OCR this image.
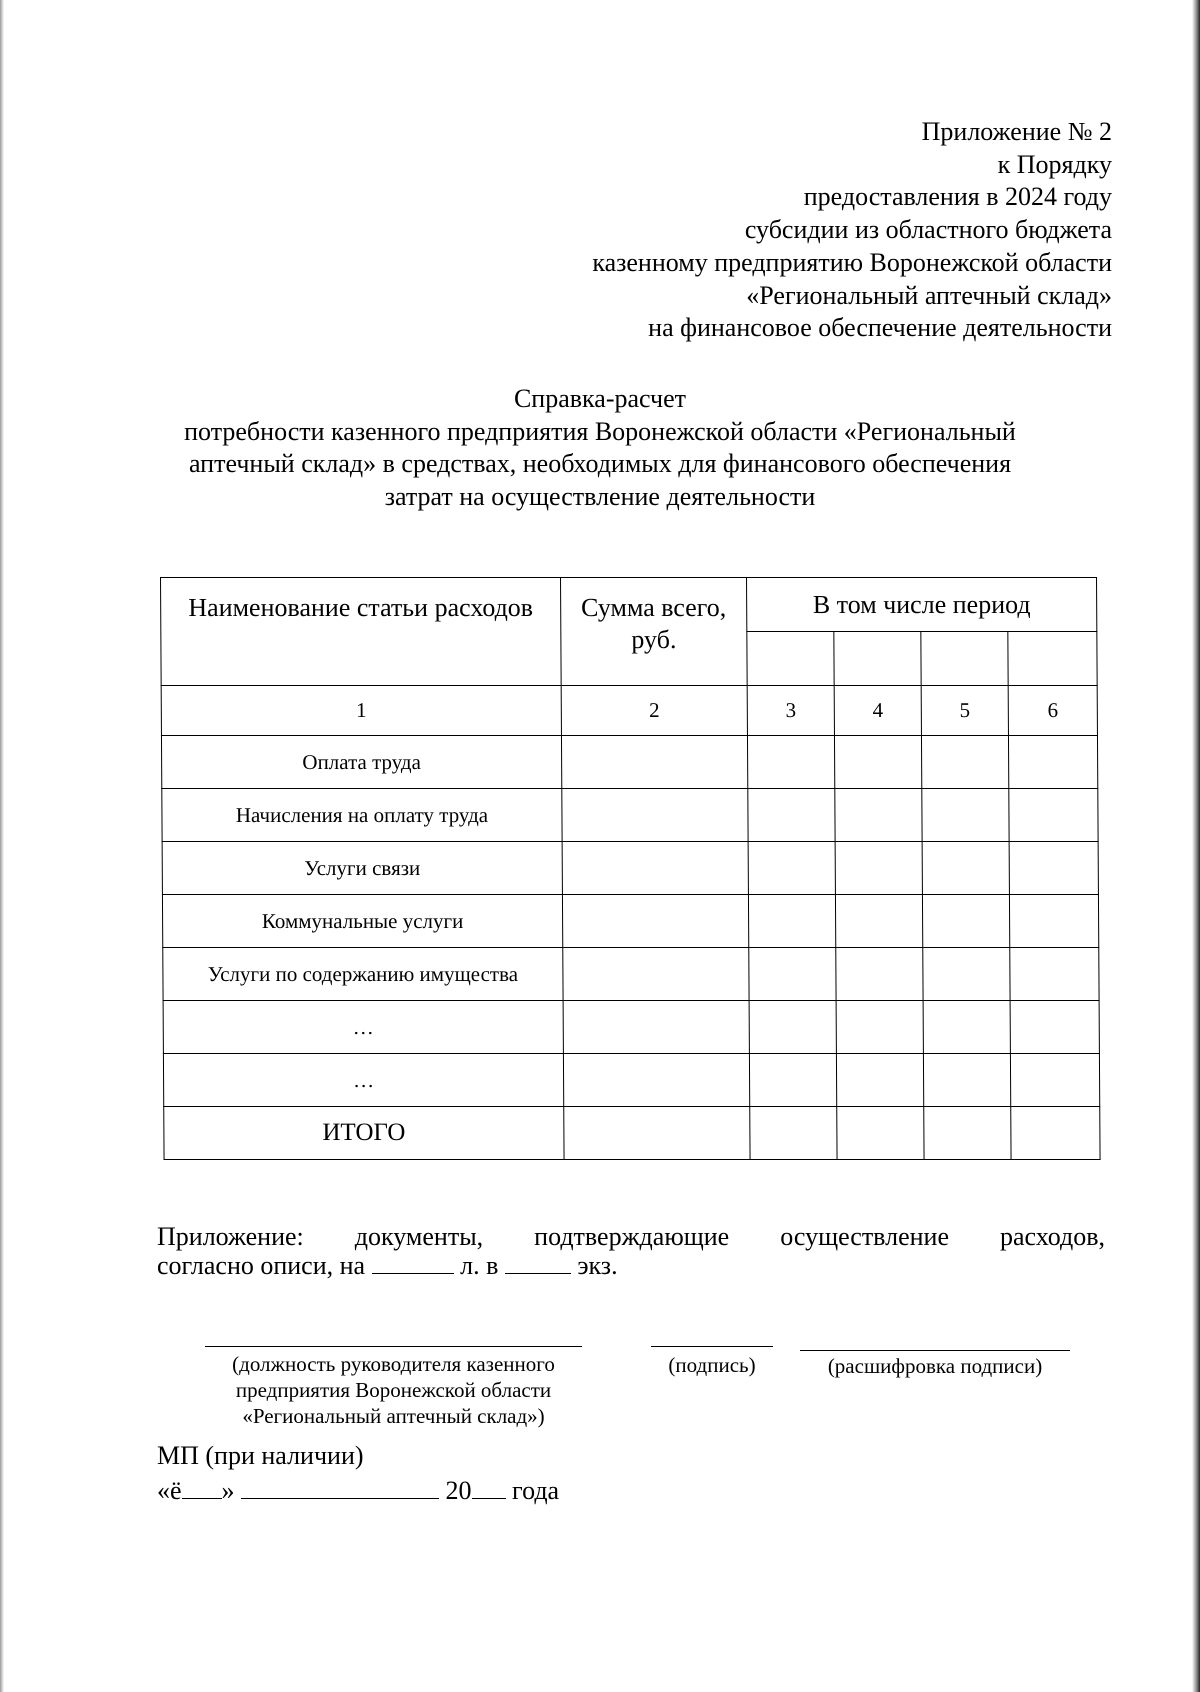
Приложение № 2
к Порядку
предоставления в 2024 году
субсидии из областного бюджета
казенному предприятию Воронежской области
«Региональный аптечный склад»
на финансовое обеспечение деятельности
Справка-расчет
потребности казенного предприятия Воронежской области «Региональный
аптечный склад» в средствах, необходимых для финансового обеспечения
затрат на осуществление деятельности
Наименование статьи расходов	Сумма всего, руб.	В том числе период			

1	2	3	4	5	6
Оплата труда					
Начисления на оплату труда					
Услуги связи					
Коммунальные услуги					
Услуги по содержанию имущества					
…					
…					
ИТОГО					
Приложение: документы, подтверждающие осуществление расходов,
согласно описи, на	л. в	экз.
(должность руководителя казенного
предприятия Воронежской области
«Региональный аптечный склад»)
(подпись)	(расшифровка подписи)
МП (при наличии)
«ё »	20 года
